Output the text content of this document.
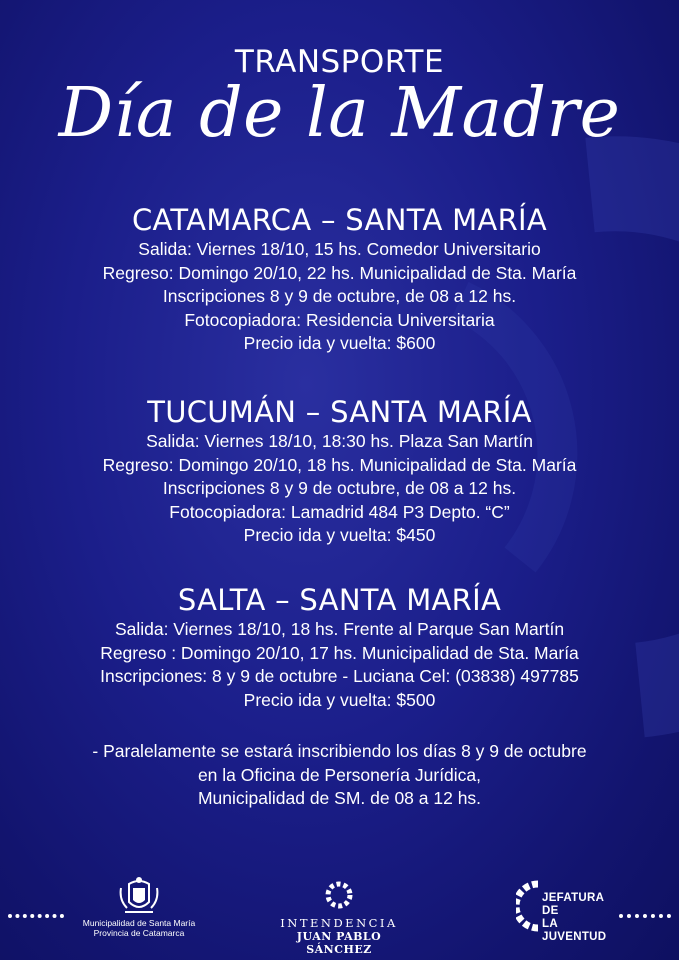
TRANSPORTE
Día de la Madre
CATAMARCA – SANTA MARÍA
Salida: Viernes 18/10, 15 hs. Comedor Universitario
Regreso: Domingo 20/10, 22 hs. Municipalidad de Sta. María
Inscripciones 8 y 9 de octubre, de 08 a 12 hs.
Fotocopiadora: Residencia Universitaria
Precio ida y vuelta: $600
TUCUMÁN – SANTA MARÍA
Salida: Viernes 18/10, 18:30 hs. Plaza San Martín
Regreso: Domingo 20/10, 18 hs. Municipalidad de Sta. María
Inscripciones 8 y 9 de octubre, de 08 a 12 hs.
Fotocopiadora: Lamadrid 484 P3 Depto. “C”
Precio ida y vuelta: $450
SALTA – SANTA MARÍA
Salida: Viernes 18/10, 18 hs. Frente al Parque San Martín
Regreso : Domingo 20/10, 17 hs. Municipalidad de Sta. María
Inscripciones: 8 y 9 de octubre - Luciana Cel: (03838) 497785
Precio ida y vuelta: $500
- Paralelamente se estará inscribiendo los días 8 y 9 de octubre
en la Oficina de Personería Jurídica,
Municipalidad de SM. de 08 a 12 hs.
Municipalidad de Santa María
Provincia de Catamarca
INTENDENCIA
JUAN PABLO SÁNCHEZ
JEFATURA DE
LA JUVENTUD
